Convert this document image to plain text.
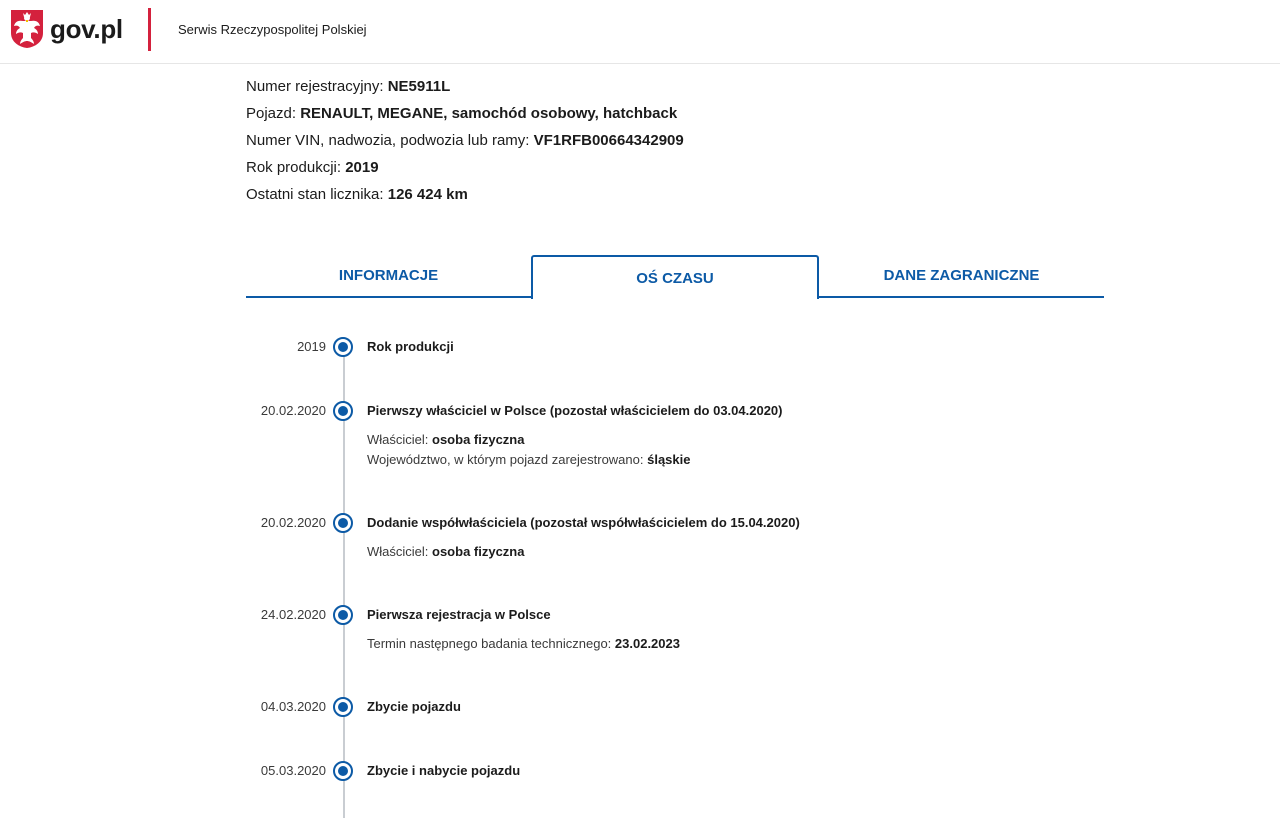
gov.pl	Serwis Rzeczypospolitej Polskiej
Numer rejestracyjny: NE5911L
Pojazd: RENAULT, MEGANE, samochód osobowy, hatchback
Numer VIN, nadwozia, podwozia lub ramy: VF1RFB00664342909
Rok produkcji: 2019
Ostatni stan licznika: 126 424 km
INFORMACJE	OŚ CZASU	DANE ZAGRANICZNE
2019	Rok produkcji
20.02.2020	Pierwszy właściciel w Polsce (pozostał właścicielem do 03.04.2020)
Właściciel: osoba fizyczna
Województwo, w którym pojazd zarejestrowano: śląskie
20.02.2020	Dodanie współwłaściciela (pozostał współwłaścicielem do 15.04.2020)
Właściciel: osoba fizyczna
24.02.2020	Pierwsza rejestracja w Polsce
Termin następnego badania technicznego: 23.02.2023
04.03.2020	Zbycie pojazdu
05.03.2020	Zbycie i nabycie pojazdu
